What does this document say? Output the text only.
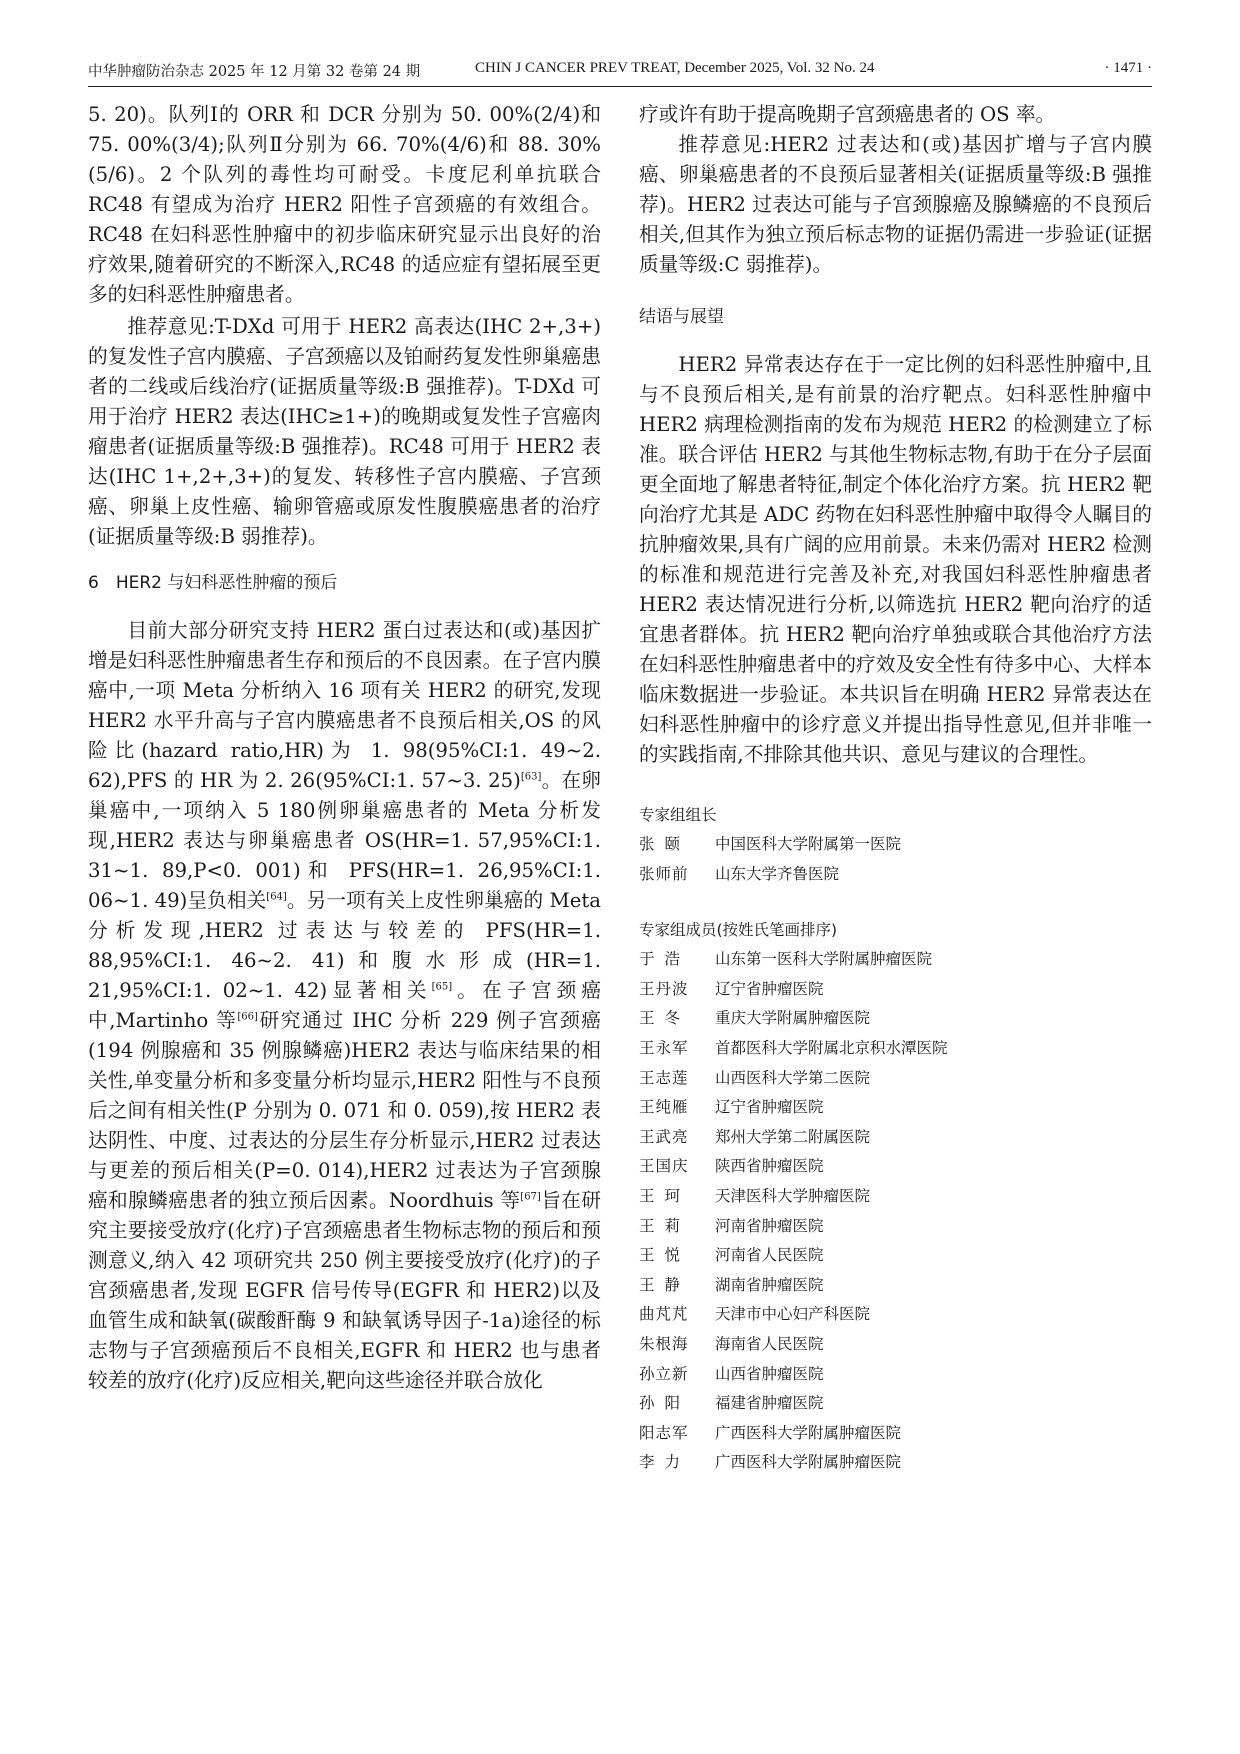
中华肿瘤防治杂志 2025 年 12 月第 32 卷第 24 期	CHIN J CANCER PREV TREAT, December 2025, Vol. 32 No. 24	· 1471 ·

5. 20)。队列Ⅰ的 ORR 和 DCR 分别为 50. 00%(2/4)和 75. 00%(3/4);队列Ⅱ分别为 66. 70%(4/6)和 88. 30%(5/6)。2 个队列的毒性均可耐受。卡度尼利单抗联合 RC48 有望成为治疗 HER2 阳性子宫颈癌的有效组合。RC48 在妇科恶性肿瘤中的初步临床研究显示出良好的治疗效果,随着研究的不断深入,RC48 的适应症有望拓展至更多的妇科恶性肿瘤患者。

推荐意见:T-DXd 可用于 HER2 高表达(IHC 2+,3+)的复发性子宫内膜癌、子宫颈癌以及铂耐药复发性卵巢癌患者的二线或后线治疗(证据质量等级:B 强推荐)。T-DXd 可用于治疗 HER2 表达(IHC≥1+)的晚期或复发性子宫癌肉瘤患者(证据质量等级:B 强推荐)。RC48 可用于 HER2 表达(IHC 1+,2+,3+)的复发、转移性子宫内膜癌、子宫颈癌、卵巢上皮性癌、输卵管癌或原发性腹膜癌患者的治疗(证据质量等级:B 弱推荐)。

6　HER2 与妇科恶性肿瘤的预后

目前大部分研究支持 HER2 蛋白过表达和(或)基因扩增是妇科恶性肿瘤患者生存和预后的不良因素。在子宫内膜癌中,一项 Meta 分析纳入 16 项有关 HER2 的研究,发现 HER2 水平升高与子宫内膜癌患者不良预后相关,OS 的风险比(hazard ratio,HR)为 1. 98(95%CI:1. 49~2. 62),PFS 的 HR 为 2. 26(95%CI:1. 57~3. 25)[63]。在卵巢癌中,一项纳入 5 180例卵巢癌患者的 Meta 分析发现,HER2 表达与卵巢癌患者 OS(HR=1. 57,95%CI:1. 31~1. 89,P<0. 001)和 PFS(HR=1. 26,95%CI:1. 06~1. 49)呈负相关[64]。另一项有关上皮性卵巢癌的 Meta 分析发现,HER2 过表达与较差的 PFS(HR=1. 88,95%CI:1. 46~2. 41)和腹水形成(HR=1. 21,95%CI:1. 02~1. 42)显著相关[65]。在子宫颈癌中,Martinho 等[66]研究通过 IHC 分析 229 例子宫颈癌(194 例腺癌和 35 例腺鳞癌)HER2 表达与临床结果的相关性,单变量分析和多变量分析均显示,HER2 阳性与不良预后之间有相关性(P 分别为 0. 071 和 0. 059),按 HER2 表达阴性、中度、过表达的分层生存分析显示,HER2 过表达与更差的预后相关(P=0. 014),HER2 过表达为子宫颈腺癌和腺鳞癌患者的独立预后因素。Noordhuis 等[67]旨在研究主要接受放疗(化疗)子宫颈癌患者生物标志物的预后和预测意义,纳入 42 项研究共 250 例主要接受放疗(化疗)的子宫颈癌患者,发现 EGFR 信号传导(EGFR 和 HER2)以及血管生成和缺氧(碳酸酐酶 9 和缺氧诱导因子-1a)途径的标志物与子宫颈癌预后不良相关,EGFR 和 HER2 也与患者较差的放疗(化疗)反应相关,靶向这些途径并联合放化

疗或许有助于提高晚期子宫颈癌患者的 OS 率。

推荐意见:HER2 过表达和(或)基因扩增与子宫内膜癌、卵巢癌患者的不良预后显著相关(证据质量等级:B 强推荐)。HER2 过表达可能与子宫颈腺癌及腺鳞癌的不良预后相关,但其作为独立预后标志物的证据仍需进一步验证(证据质量等级:C 弱推荐)。

结语与展望

HER2 异常表达存在于一定比例的妇科恶性肿瘤中,且与不良预后相关,是有前景的治疗靶点。妇科恶性肿瘤中 HER2 病理检测指南的发布为规范 HER2 的检测建立了标准。联合评估 HER2 与其他生物标志物,有助于在分子层面更全面地了解患者特征,制定个体化治疗方案。抗 HER2 靶向治疗尤其是 ADC 药物在妇科恶性肿瘤中取得令人瞩目的抗肿瘤效果,具有广阔的应用前景。未来仍需对 HER2 检测的标准和规范进行完善及补充,对我国妇科恶性肿瘤患者 HER2 表达情况进行分析,以筛选抗 HER2 靶向治疗的适宜患者群体。抗 HER2 靶向治疗单独或联合其他治疗方法在妇科恶性肿瘤患者中的疗效及安全性有待多中心、大样本临床数据进一步验证。本共识旨在明确 HER2 异常表达在妇科恶性肿瘤中的诊疗意义并提出指导性意见,但并非唯一的实践指南,不排除其他共识、意见与建议的合理性。

专家组组长
张颐	中国医科大学附属第一医院
张师前	山东大学齐鲁医院
专家组成员(按姓氏笔画排序)
于浩	山东第一医科大学附属肿瘤医院
王丹波	辽宁省肿瘤医院
王冬	重庆大学附属肿瘤医院
王永军	首都医科大学附属北京积水潭医院
王志莲	山西医科大学第二医院
王纯雁	辽宁省肿瘤医院
王武亮	郑州大学第二附属医院
王国庆	陕西省肿瘤医院
王珂	天津医科大学肿瘤医院
王莉	河南省肿瘤医院
王悦	河南省人民医院
王静	湖南省肿瘤医院
曲芃芃	天津市中心妇产科医院
朱根海	海南省人民医院
孙立新	山西省肿瘤医院
孙阳	福建省肿瘤医院
阳志军	广西医科大学附属肿瘤医院
李力	广西医科大学附属肿瘤医院
